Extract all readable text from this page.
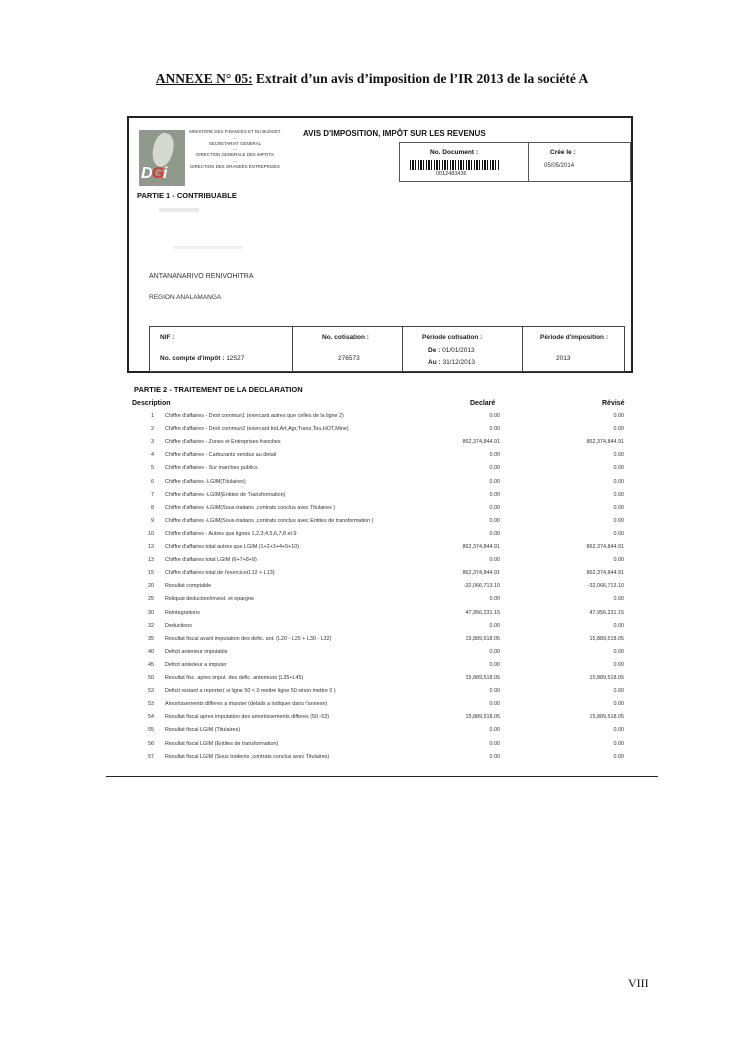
ANNEXE N° 05: Extrait d’un avis d’imposition de l’IR 2013 de la société A
DGi
MINISTERE DES FINANCES ET DU BUDGET
-----
SECRETARIAT GENERAL
-----
DIRECTION GENERALE DES IMPOTS
-----
DIRECTION DES GRANDES ENTREPRISES
AVIS D'IMPOSITION, IMPÔT SUR LES REVENUS
No. Document :	Crée le :
0012483436
05/05/2014
PARTIE 1 - CONTRIBUABLE
ANTANANARIVO RENIVOHITRA
REGION ANALAMANGA
NIF :
No. compte d'impôt : 12527
No. cotisation :
276573
Période cotisation :
De : 01/01/2013
Au : 31/12/2013
Période d'imposition :
2013
PARTIE 2 - TRAITEMENT DE LA DECLARATION
Description	Declaré	Révisé
1 Chiffre d'affaires - Droit commun1 (exercant autres que celles de la ligne 2)	0.00	0.00
2 Chiffre d'affaires - Droit commun2 (exercant Ind,Art,Agr,Trans,Tou,HOT,Mine)	0.00	0.00
3 Chiffre d'affaires - Zones et Entreprises franches	862,374,844.91	862,374,844.91
4 Chiffre d'affaires - Carburants vendus au detail	0.00	0.00
5 Chiffre d'affaires - Sur marches publics	0.00	0.00
6 Chiffre d'affaires -LGIM(Titulaires)	0.00	0.00
7 Chiffre d'affaires -LGIM(Entites de Transformation)	0.00	0.00
8 Chiffre d'affaires -LGIM(Sous-traitans ,contrats conclus avec Titulaires )	0.00	0.00
9 Chiffre d'affaires -LGIM(Sous-traitans ,contrats conclus avec Entites de transformation )	0.00	0.00
10 Chiffre d'affaires - Autres que lignes 1,2,3,4,5,6,7,8 et 9	0.00	0.00
12 Chiffre d'affaires total autres que LGIM (1+2+3+4+5+10)	862,374,844.91	862,374,844.91
13 Chiffre d'affaires total LGIM (6+7+8+9)	0.00	0.00
15 Chiffre d'affaires total de l'exercice(L12 + L13)	862,374,844.91	862,374,844.91
20 Resultat comptable	-32,066,713.10	-32,066,713.10
25 Reliquat deduction/invest. et epargne	0.00	0.00
30 Reintegrations	47,956,231.15	47,956,231.15
32 Deductions	0.00	0.00
35 Resultat fiscal avant imputation des defic. ant. (L20 - L25 + L30 - L32)	15,889,518.05	15,889,518.05
40 Deficit anterieur imputable	0.00	0.00
45 Deficit anterieur a imputer	0.00	0.00
50 Resultat fisc. apres imput. des defic. anterieurs (L35+L45)	15,889,518.05	15,889,518.05
52 Deficit restant a reporter( si ligne 50 < 0 mettre ligne 50 sinon mettre 0 )	0.00	0.00
53 Amortissements differes a imputer (details a indiquer dans l'annexe)	0.00	0.00
54 Resultat fiscal apres imputation des amortissements differes (50 -53)	15,889,518.05	15,889,518.05
55 Resultat fiscal LGIM (Titulaires)	0.00	0.00
56 Resultat fiscal LGIM (Entites de transformation)	0.00	0.00
57 Resultat fiscal LGIM (Sous traitents ,contrats conclus avec Titulaires)	0.00	0.00
VIII
